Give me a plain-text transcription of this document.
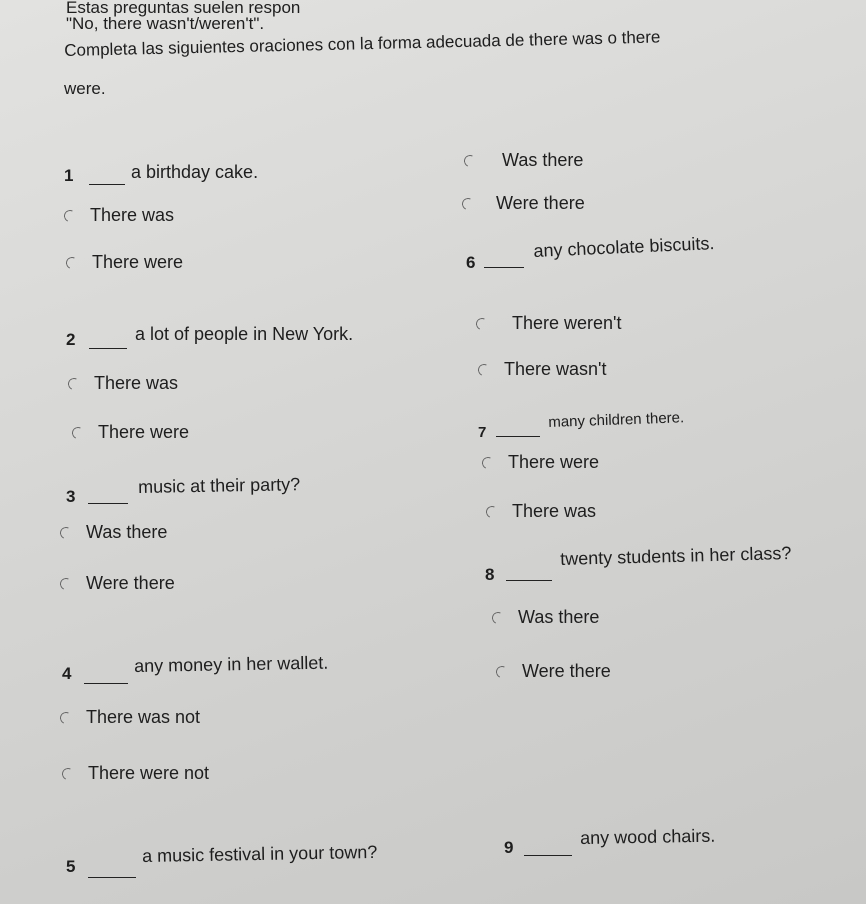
Estas preguntas suelen respon
"No, there wasn't/weren't".
Completa las siguientes oraciones con la forma adecuada de there was o there
were.
1	a birthday cake.
There was
There were
2	a lot of people in New York.
There was
There were
3	music at their party?
Was there
Were there
4	any money in her wallet.
There was not
There were not
5
a music festival in your town?
Was there
Were there
6
any chocolate biscuits.
There weren't
There wasn't
7
many children there.
There were
There was
8
twenty students in her class?
Was there
Were there
9	any wood chairs.
